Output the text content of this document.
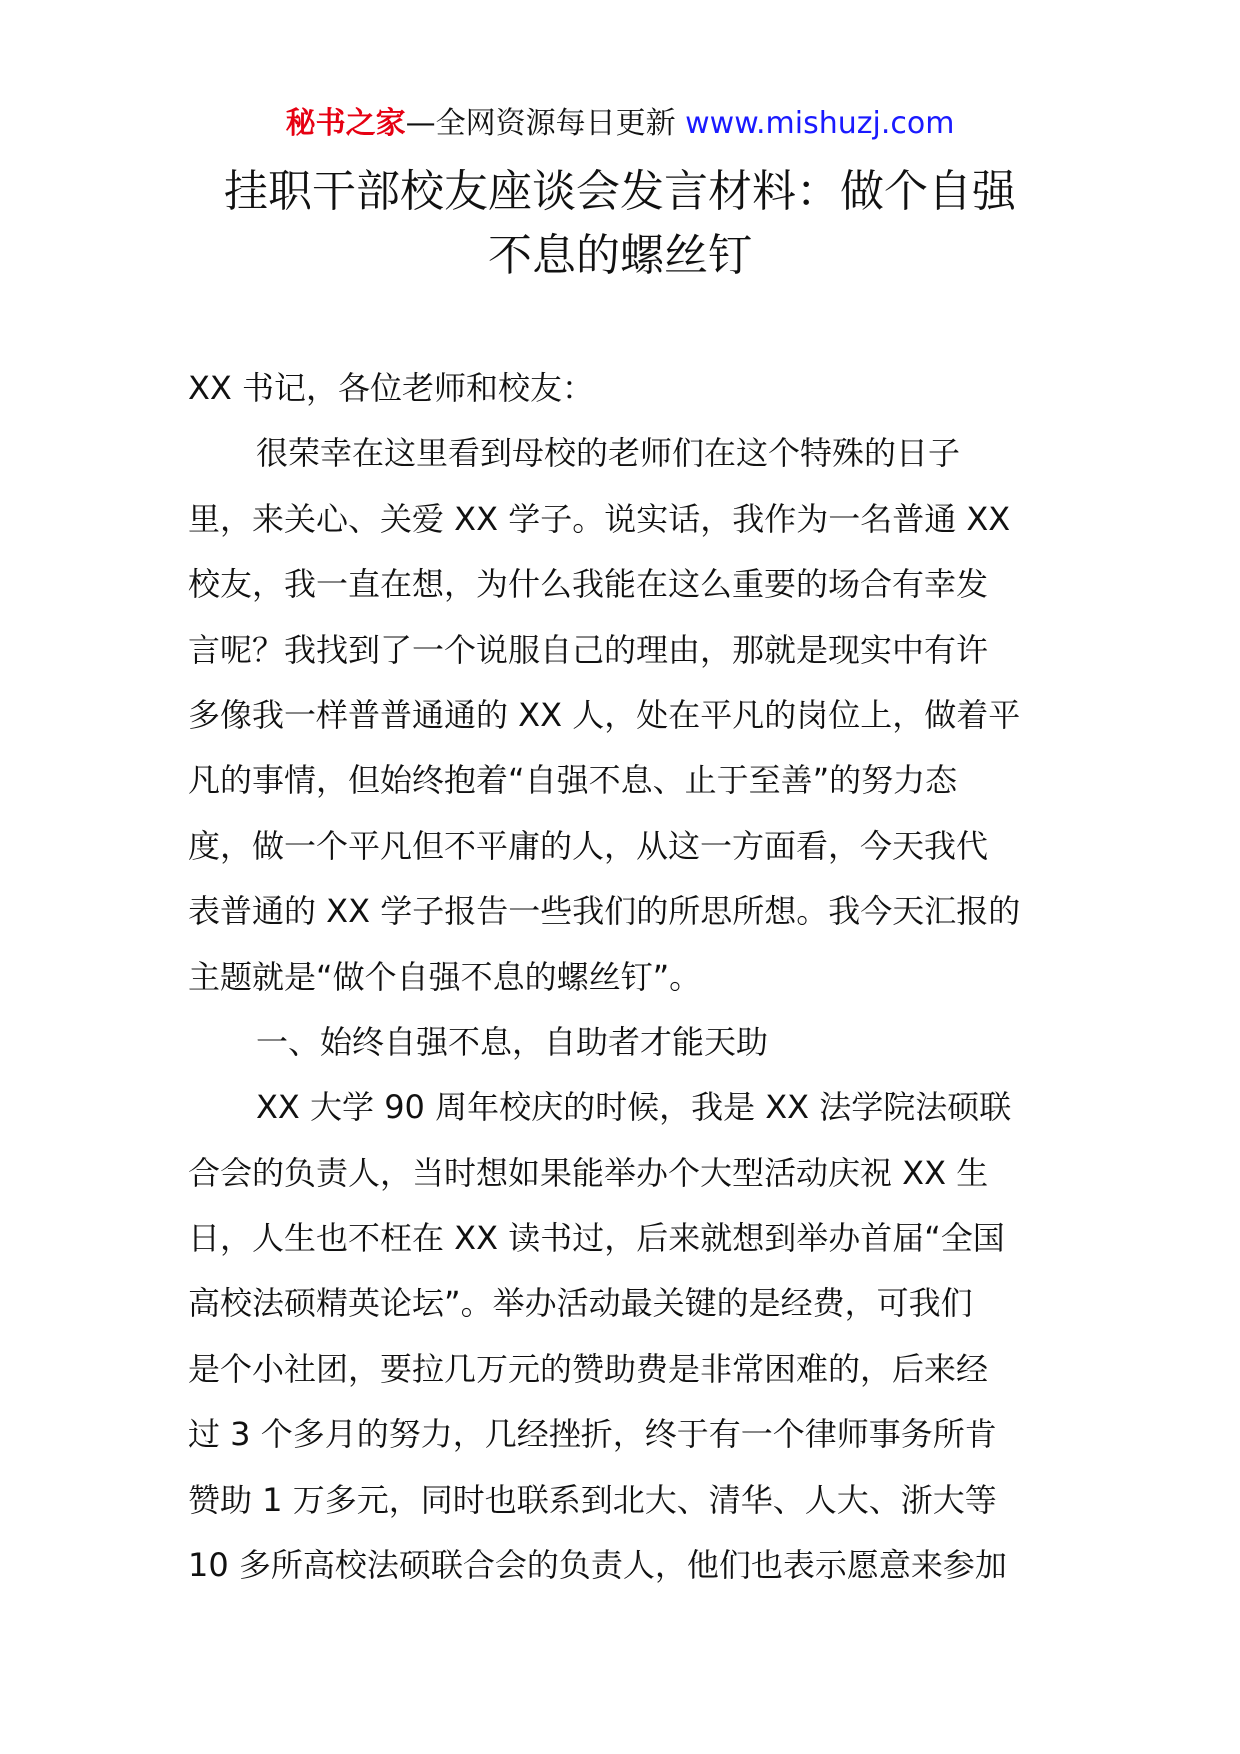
秘书之家—全网资源每日更新 www.mishuzj.com
挂职干部校友座谈会发言材料：做个自强
不息的螺丝钉
XX 书记，各位老师和校友：
很荣幸在这里看到母校的老师们在这个特殊的日子
里，来关心、关爱 XX 学子。说实话，我作为一名普通 XX
校友，我一直在想，为什么我能在这么重要的场合有幸发
言呢？我找到了一个说服自己的理由，那就是现实中有许
多像我一样普普通通的 XX 人，处在平凡的岗位上，做着平
凡的事情，但始终抱着“自强不息、止于至善”的努力态
度，做一个平凡但不平庸的人，从这一方面看，今天我代
表普通的 XX 学子报告一些我们的所思所想。我今天汇报的
主题就是“做个自强不息的螺丝钉”。
一、始终自强不息，自助者才能天助
XX 大学 90 周年校庆的时候，我是 XX 法学院法硕联
合会的负责人，当时想如果能举办个大型活动庆祝 XX 生
日，人生也不枉在 XX 读书过，后来就想到举办首届“全国
高校法硕精英论坛”。举办活动最关键的是经费，可我们
是个小社团，要拉几万元的赞助费是非常困难的，后来经
过 3 个多月的努力，几经挫折，终于有一个律师事务所肯
赞助 1 万多元，同时也联系到北大、清华、人大、浙大等
10 多所高校法硕联合会的负责人，他们也表示愿意来参加
